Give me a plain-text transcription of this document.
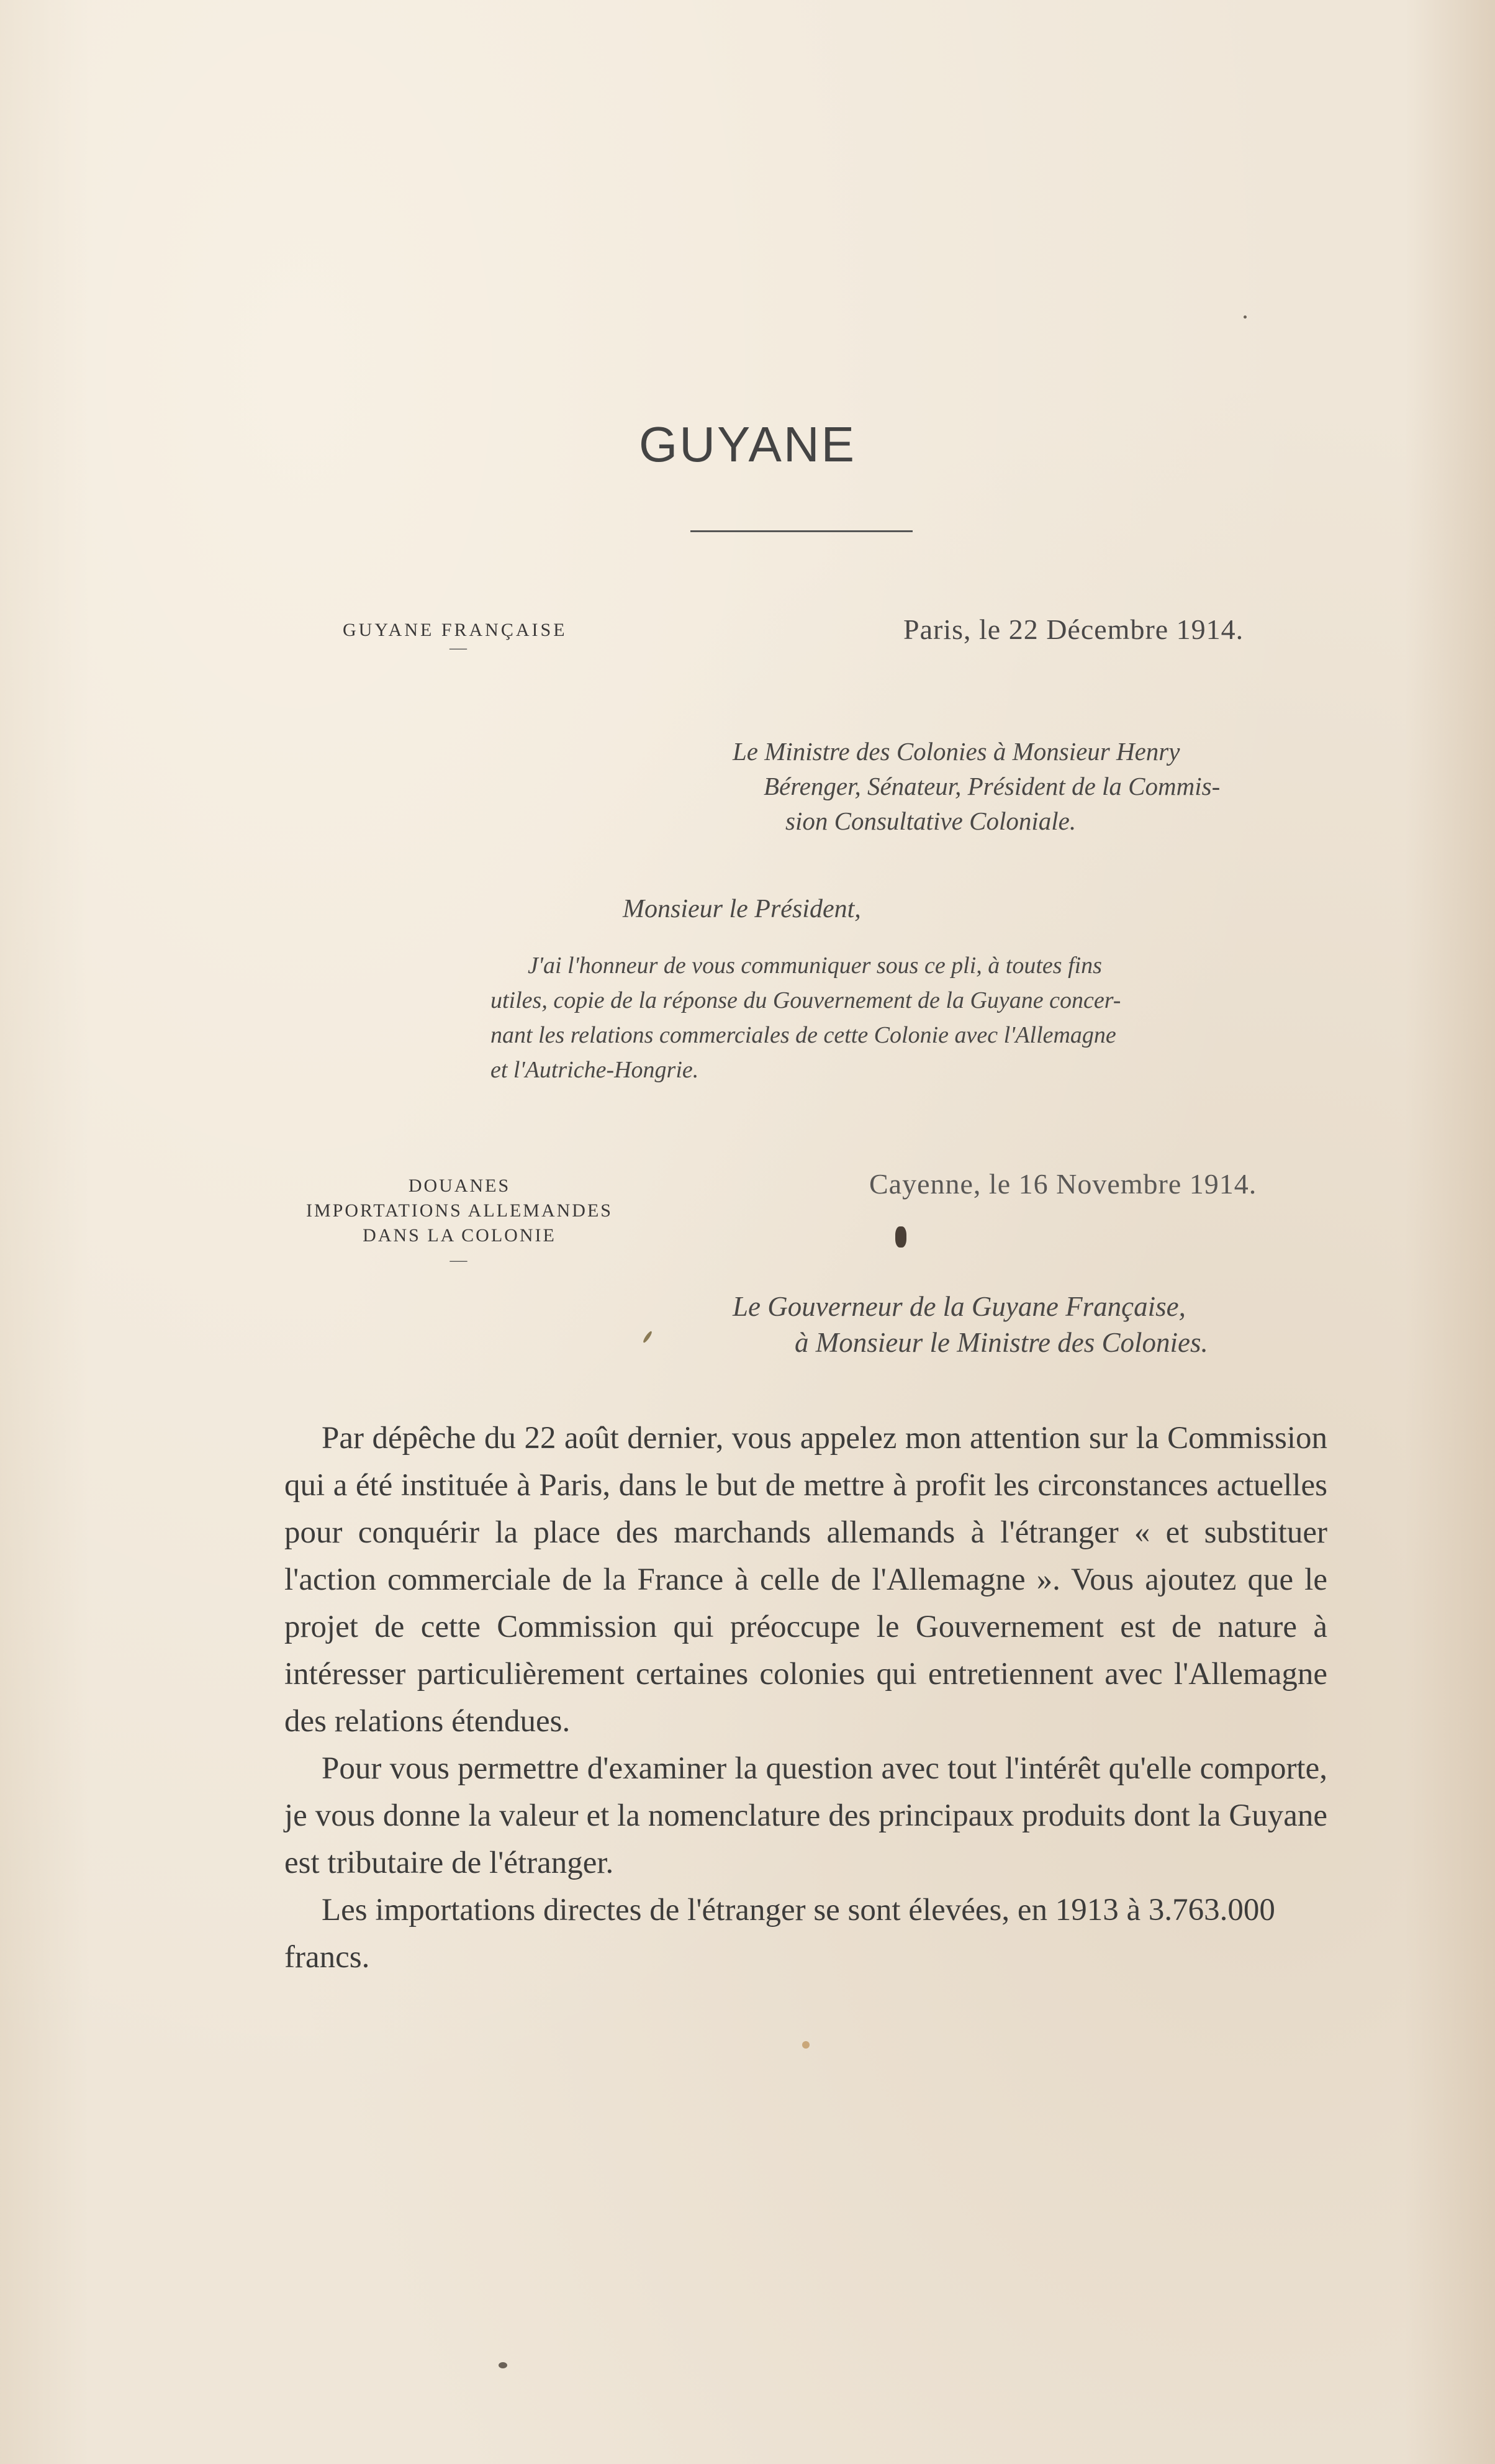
GUYANE
GUYANE FRANÇAISE
—
Paris, le 22 Décembre 1914.
Le Ministre des Colonies à Monsieur Henry
Bérenger, Sénateur, Président de la Commis-
sion Consultative Coloniale.
Monsieur le Président,
J'ai l'honneur de vous communiquer sous ce pli, à toutes fins
utiles, copie de la réponse du Gouvernement de la Guyane concer-
nant les relations commerciales de cette Colonie avec l'Allemagne
et l'Autriche-Hongrie.
DOUANES
IMPORTATIONS ALLEMANDES
DANS LA COLONIE
—
Cayenne, le 16 Novembre 1914.
Le Gouverneur de la Guyane Française,
à Monsieur le Ministre des Colonies.

Par dépêche du 22 août dernier, vous appelez mon attention sur la Commission qui a été instituée à Paris, dans le but de mettre à profit les circonstances actuelles pour conquérir la place des marchands allemands à l'étranger « et substituer l'action commerciale de la France à celle de l'Allemagne ». Vous ajoutez que le projet de cette Commission qui préoccupe le Gouvernement est de nature à intéresser particulièrement certaines colonies qui entretiennent avec l'Allemagne des relations étendues.

Pour vous permettre d'examiner la question avec tout l'intérêt qu'elle comporte, je vous donne la valeur et la nomenclature des principaux produits dont la Guyane est tributaire de l'étranger.

Les importations directes de l'étranger se sont élevées, en 1913 à 3.763.000 francs.
